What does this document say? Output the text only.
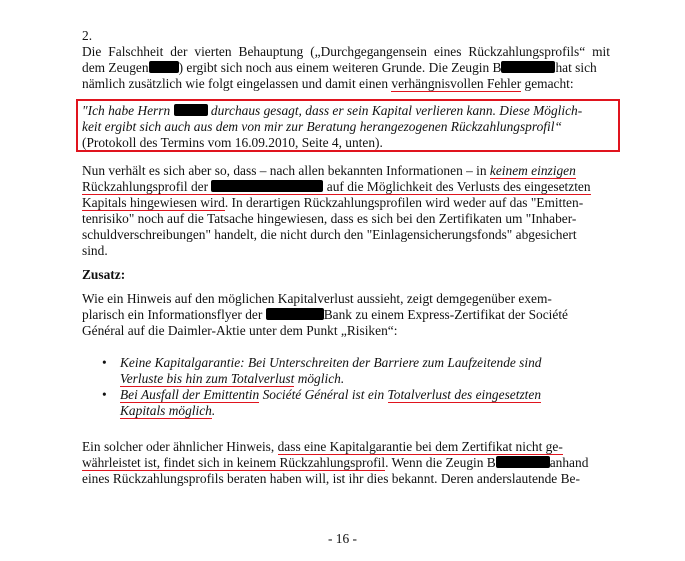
2.
Die Falschheit der vierten Behauptung („Durchgegangensein eines Rückzahlungsprofils“ mit
dem Zeugen ) ergibt sich noch aus einem weiteren Grunde. Die Zeugin B	hat sich
nämlich zusätzlich wie folgt eingelassen und damit einen verhängnisvollen Fehler gemacht:
"Ich habe Herrn	durchaus gesagt, dass er sein Kapital verlieren kann. Diese Möglich-
keit ergibt sich auch aus dem von mir zur Beratung herangezogenen Rückzahlungsprofil“
(Protokoll des Termins vom 16.09.2010, Seite 4, unten).
Nun verhält es sich aber so, dass – nach allen bekannten Informationen – in keinem einzigen
Rückzahlungsprofil der	auf die Möglichkeit des Verlusts des eingesetzten
Kapitals hingewiesen wird. In derartigen Rückzahlungsprofilen wird weder auf das "Emitten-
tenrisiko" noch auf die Tatsache hingewiesen, dass es sich bei den Zertifikaten um "Inhaber-
schuldverschreibungen" handelt, die nicht durch den "Einlagensicherungsfonds" abgesichert
sind.
Zusatz:
Wie ein Hinweis auf den möglichen Kapitalverlust aussieht, zeigt demgegenüber exem-
plarisch ein Informationsflyer der	Bank zu einem Express-Zertifikat der Société
Général auf die Daimler-Aktie unter dem Punkt „Risiken“:
• Keine Kapitalgarantie: Bei Unterschreiten der Barriere zum Laufzeitende sind
Verluste bis hin zum Totalverlust möglich.
• Bei Ausfall der Emittentin Société Général ist ein Totalverlust des eingesetzten
Kapitals möglich.
Ein solcher oder ähnlicher Hinweis, dass eine Kapitalgarantie bei dem Zertifikat nicht ge-
währleistet ist, findet sich in keinem Rückzahlungsprofil. Wenn die Zeugin B	anhand
eines Rückzahlungsprofils beraten haben will, ist ihr dies bekannt. Deren anderslautende Be-
- 16 -
